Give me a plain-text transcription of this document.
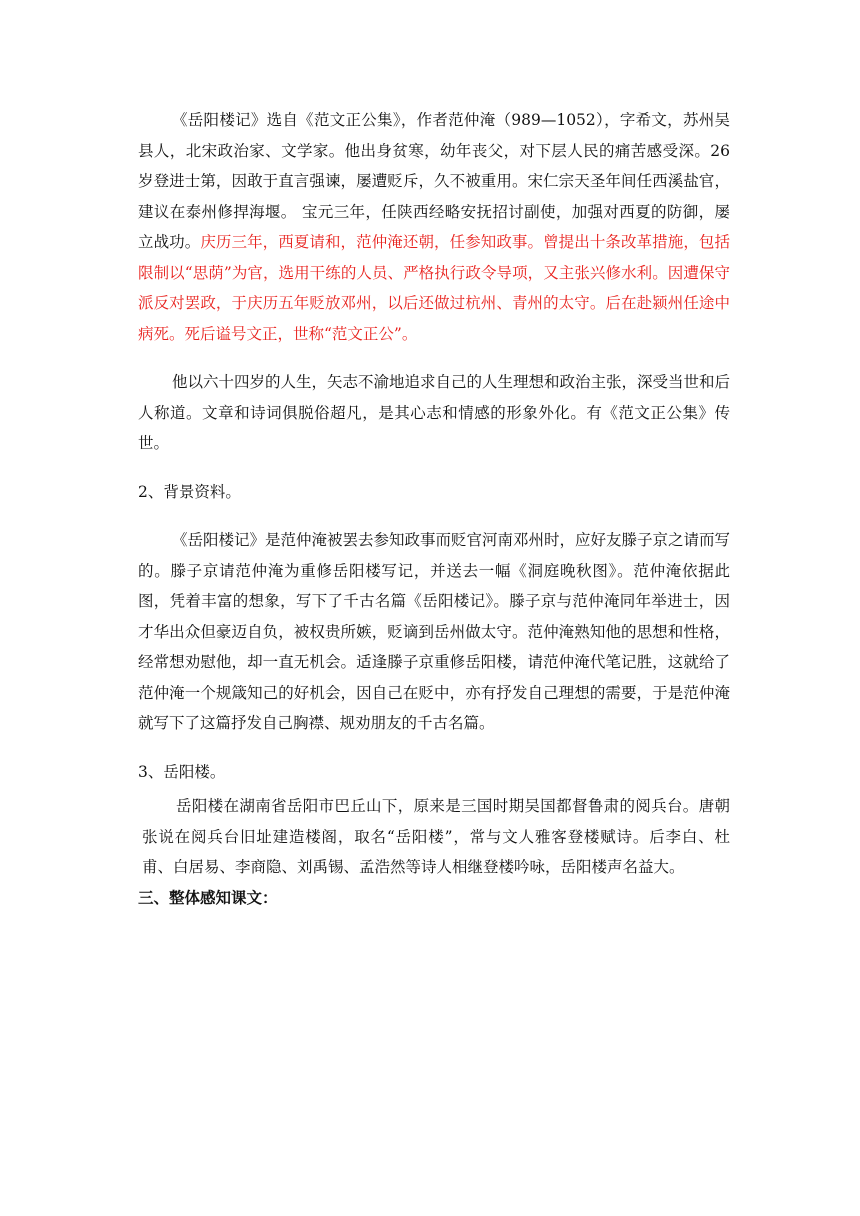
《岳阳楼记》选自《范文正公集》，作者范仲淹（989—1052），字希文，苏州吴县人，北宋政治家、文学家。他出身贫寒，幼年丧父，对下层人民的痛苦感受深。26岁登进士第，因敢于直言强谏，屡遭贬斥，久不被重用。宋仁宗天圣年间任西溪盐官，建议在泰州修捍海堰。 宝元三年，任陕西经略安抚招讨副使，加强对西夏的防御，屡立战功。庆历三年，西夏请和，范仲淹还朝，任参知政事。曾提出十条改革措施，包括限制以“思荫”为官，选用干练的人员、严格执行政令导项，又主张兴修水利。因遭保守派反对罢政，于庆历五年贬放邓州，以后还做过杭州、青州的太守。后在赴颍州任途中病死。死后谥号文正，世称“范文正公”。

他以六十四岁的人生，矢志不渝地追求自己的人生理想和政治主张，深受当世和后人称道。文章和诗词俱脱俗超凡，是其心志和情感的形象外化。有《范文正公集》传世。

2、背景资料。

《岳阳楼记》是范仲淹被罢去参知政事而贬官河南邓州时，应好友滕子京之请而写的。滕子京请范仲淹为重修岳阳楼写记，并送去一幅《洞庭晚秋图》。范仲淹依据此图，凭着丰富的想象，写下了千古名篇《岳阳楼记》。滕子京与范仲淹同年举进士，因才华出众但豪迈自负，被权贵所嫉，贬谪到岳州做太守。范仲淹熟知他的思想和性格，经常想劝慰他，却一直无机会。适逢滕子京重修岳阳楼，请范仲淹代笔记胜，这就给了范仲淹一个规箴知己的好机会，因自己在贬中，亦有抒发自己理想的需要，于是范仲淹就写下了这篇抒发自己胸襟、规劝朋友的千古名篇。

3、岳阳楼。

岳阳楼在湖南省岳阳市巴丘山下，原来是三国时期吴国都督鲁肃的阅兵台。唐朝张说在阅兵台旧址建造楼阁，取名“岳阳楼”，常与文人雅客登楼赋诗。后李白、杜甫、白居易、李商隐、刘禹锡、孟浩然等诗人相继登楼吟咏，岳阳楼声名益大。

三、整体感知课文：
